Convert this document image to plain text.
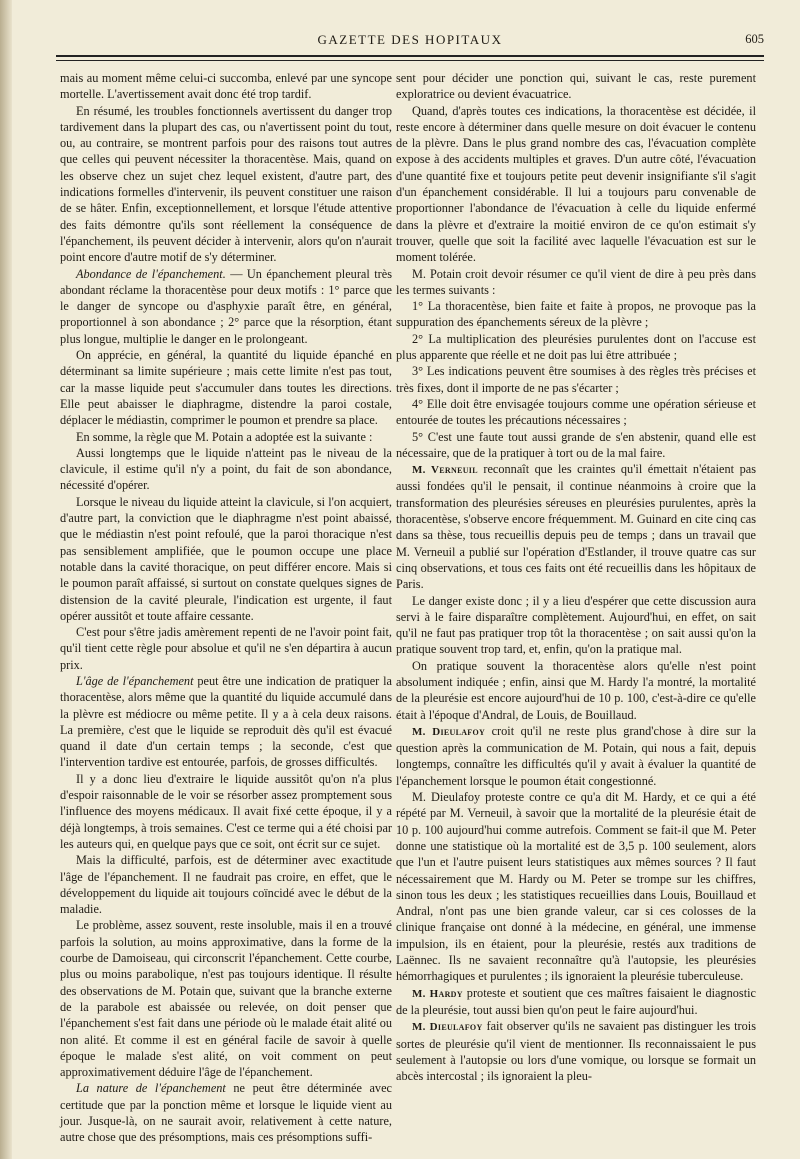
GAZETTE DES HOPITAUX	605

mais au moment même celui-ci succomba, enlevé par une syncope mortelle. L'avertissement avait donc été trop tardif.

En résumé, les troubles fonctionnels avertissent du danger trop tardivement dans la plupart des cas, ou n'avertissent point du tout, ou, au contraire, se montrent parfois pour des raisons tout autres que celles qui peuvent nécessiter la thoracentèse. Mais, quand on les observe chez un sujet chez lequel existent, d'autre part, des indications formelles d'intervenir, ils peuvent constituer une raison de se hâter. Enfin, exceptionnellement, et lorsque l'étude attentive des faits démontre qu'ils sont réellement la conséquence de l'épanchement, ils peuvent décider à intervenir, alors qu'on n'aurait point encore d'autre motif de s'y déterminer.

Abondance de l'épanchement. — Un épanchement pleural très abondant réclame la thoracentèse pour deux motifs : 1° parce que le danger de syncope ou d'asphyxie paraît être, en général, proportionnel à son abondance ; 2° parce que la résorption, étant plus longue, multiplie le danger en le prolongeant.

On apprécie, en général, la quantité du liquide épanché en déterminant sa limite supérieure ; mais cette limite n'est pas tout, car la masse liquide peut s'accumuler dans toutes les directions. Elle peut abaisser le diaphragme, distendre la paroi costale, déplacer le médiastin, comprimer le poumon et prendre sa place.

En somme, la règle que M. Potain a adoptée est la suivante :

Aussi longtemps que le liquide n'atteint pas le niveau de la clavicule, il estime qu'il n'y a point, du fait de son abondance, nécessité d'opérer.

Lorsque le niveau du liquide atteint la clavicule, si l'on acquiert, d'autre part, la conviction que le diaphragme n'est point abaissé, que le médiastin n'est point refoulé, que la paroi thoracique n'est pas sensiblement amplifiée, que le poumon occupe une place notable dans la cavité thoracique, on peut différer encore. Mais si le poumon paraît affaissé, si surtout on constate quelques signes de distension de la cavité pleurale, l'indication est urgente, il faut opérer aussitôt et toute affaire cessante.

C'est pour s'être jadis amèrement repenti de ne l'avoir point fait, qu'il tient cette règle pour absolue et qu'il ne s'en départira à aucun prix.

L'âge de l'épanchement peut être une indication de pratiquer la thoracentèse, alors même que la quantité du liquide accumulé dans la plèvre est médiocre ou même petite. Il y a à cela deux raisons. La première, c'est que le liquide se reproduit dès qu'il est évacué quand il date d'un certain temps ; la seconde, c'est que l'intervention tardive est entourée, parfois, de grosses difficultés.

Il y a donc lieu d'extraire le liquide aussitôt qu'on n'a plus d'espoir raisonnable de le voir se résorber assez promptement sous l'influence des moyens médicaux. Il avait fixé cette époque, il y a déjà longtemps, à trois semaines. C'est ce terme qui a été choisi par les auteurs qui, en quelque pays que ce soit, ont écrit sur ce sujet.

Mais la difficulté, parfois, est de déterminer avec exactitude l'âge de l'épanchement. Il ne faudrait pas croire, en effet, que le développement du liquide ait toujours coïncidé avec le début de la maladie.

Le problème, assez souvent, reste insoluble, mais il en a trouvé parfois la solution, au moins approximative, dans la forme de la courbe de Damoiseau, qui circonscrit l'épanchement. Cette courbe, plus ou moins parabolique, n'est pas toujours identique. Il résulte des observations de M. Potain que, suivant que la branche externe de la parabole est abaissée ou relevée, on doit penser que l'épanchement s'est fait dans une période où le malade était alité ou non alité. Et comme il est en général facile de savoir à quelle époque le malade s'est alité, on voit comment on peut approximativement déduire l'âge de l'épanchement.

La nature de l'épanchement ne peut être déterminée avec certitude que par la ponction même et lorsque le liquide vient au jour. Jusque-là, on ne saurait avoir, relativement à cette nature, autre chose que des présomptions, mais ces présomptions suffi-

sent pour décider une ponction qui, suivant le cas, reste purement exploratrice ou devient évacuatrice.

Quand, d'après toutes ces indications, la thoracentèse est décidée, il reste encore à déterminer dans quelle mesure on doit évacuer le contenu de la plèvre. Dans le plus grand nombre des cas, l'évacuation complète expose à des accidents multiples et graves. D'un autre côté, l'évacuation d'une quantité fixe et toujours petite peut devenir insignifiante s'il s'agit d'un épanchement considérable. Il lui a toujours paru convenable de proportionner l'abondance de l'évacuation à celle du liquide enfermé dans la plèvre et d'extraire la moitié environ de ce qu'on estimait s'y trouver, quelle que soit la facilité avec laquelle l'évacuation est sur le moment tolérée.

M. Potain croit devoir résumer ce qu'il vient de dire à peu près dans les termes suivants :

1° La thoracentèse, bien faite et faite à propos, ne provoque pas la suppuration des épanchements séreux de la plèvre ;

2° La multiplication des pleurésies purulentes dont on l'accuse est plus apparente que réelle et ne doit pas lui être attribuée ;

3° Les indications peuvent être soumises à des règles très précises et très fixes, dont il importe de ne pas s'écarter ;

4° Elle doit être envisagée toujours comme une opération sérieuse et entourée de toutes les précautions nécessaires ;

5° C'est une faute tout aussi grande de s'en abstenir, quand elle est nécessaire, que de la pratiquer à tort ou de la mal faire.

M. Verneuil reconnaît que les craintes qu'il émettait n'étaient pas aussi fondées qu'il le pensait, il continue néanmoins à croire que la transformation des pleurésies séreuses en pleurésies purulentes, après la thoracentèse, s'observe encore fréquemment. M. Guinard en cite cinq cas dans sa thèse, tous recueillis depuis peu de temps ; dans un travail que M. Verneuil a publié sur l'opération d'Estlander, il trouve quatre cas sur cinq observations, et tous ces faits ont été recueillis dans les hôpitaux de Paris.

Le danger existe donc ; il y a lieu d'espérer que cette discussion aura servi à le faire disparaître complètement. Aujourd'hui, en effet, on sait qu'il ne faut pas pratiquer trop tôt la thoracentèse ; on sait aussi qu'on la pratique souvent trop tard, et, enfin, qu'on la pratique mal.

On pratique souvent la thoracentèse alors qu'elle n'est point absolument indiquée ; enfin, ainsi que M. Hardy l'a montré, la mortalité de la pleurésie est encore aujourd'hui de 10 p. 100, c'est-à-dire ce qu'elle était à l'époque d'Andral, de Louis, de Bouillaud.

M. Dieulafoy croit qu'il ne reste plus grand'chose à dire sur la question après la communication de M. Potain, qui nous a fait, depuis longtemps, connaître les difficultés qu'il y avait à évaluer la quantité de l'épanchement lorsque le poumon était congestionné.

M. Dieulafoy proteste contre ce qu'a dit M. Hardy, et ce qui a été répété par M. Verneuil, à savoir que la mortalité de la pleurésie était de 10 p. 100 aujourd'hui comme autrefois. Comment se fait-il que M. Peter donne une statistique où la mortalité est de 3,5 p. 100 seulement, alors que l'un et l'autre puisent leurs statistiques aux mêmes sources ? Il faut nécessairement que M. Hardy ou M. Peter se trompe sur les chiffres, sinon tous les deux ; les statistiques recueillies dans Louis, Bouillaud et Andral, n'ont pas une bien grande valeur, car si ces colosses de la clinique française ont donné à la médecine, en général, une immense impulsion, ils en étaient, pour la pleurésie, restés aux traditions de Laënnec. Ils ne savaient reconnaître qu'à l'autopsie, les pleurésies hémorrhagiques et purulentes ; ils ignoraient la pleurésie tuberculeuse.

M. Hardy proteste et soutient que ces maîtres faisaient le diagnostic de la pleurésie, tout aussi bien qu'on peut le faire aujourd'hui.

M. Dieulafoy fait observer qu'ils ne savaient pas distinguer les trois sortes de pleurésie qu'il vient de mentionner. Ils reconnaissaient le pus seulement à l'autopsie ou lors d'une vomique, ou lorsque se formait un abcès intercostal ; ils ignoraient la pleu-
